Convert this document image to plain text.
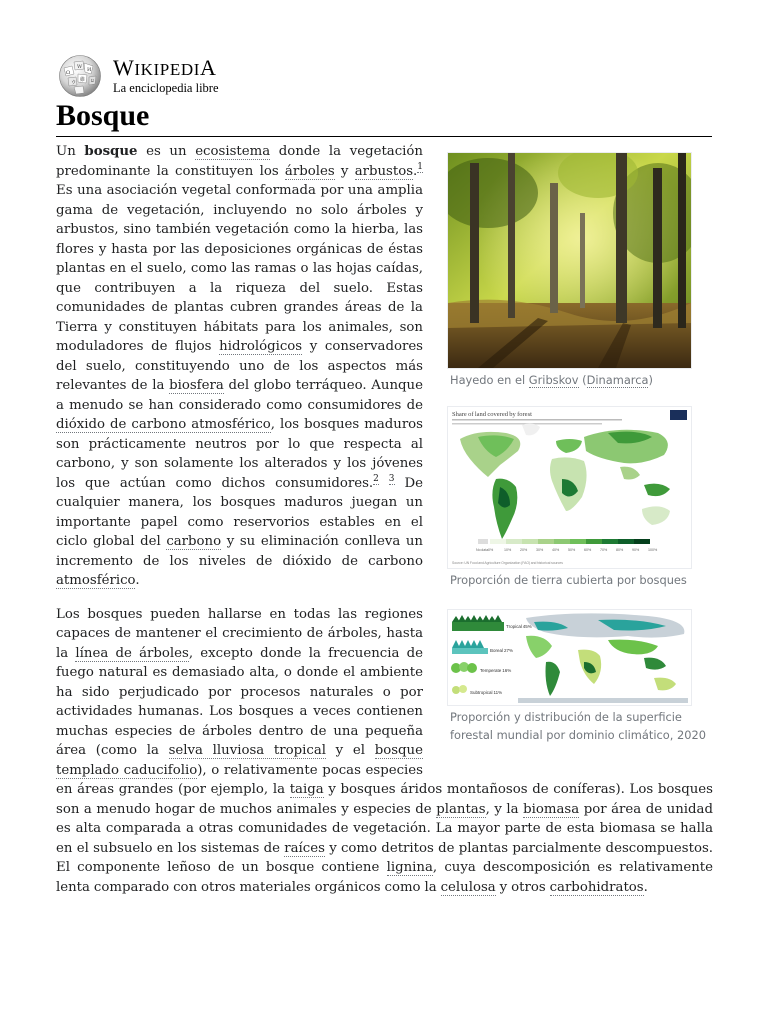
Ω
W И
ウ 維 ע
WIKIPEDIA
La enciclopedia libre
Bosque
Hayedo en el Gribskov (Dinamarca)
Share of land covered by forest
No data 0%	10% 20% 30% 40% 50% 60% 70% 80% 90% 100%
Source: UN Food and Agriculture Organization (FAO) and historical sources
Proporción de tierra cubierta por bosques
Tropical 45%
Boreal 27%
Temperate 16%
Subtropical 11%
Proporción y distribución de la superficie forestal mundial por dominio climático, 2020

Un bosque es un ecosistema donde la vegetación predominante la constituyen los árboles y arbustos.$^1$ Es una asociación vegetal conformada por una amplia gama de vegetación, incluyendo no solo árboles y arbustos, sino también vegetación como la hierba, las flores y hasta por las deposiciones orgánicas de éstas plantas en el suelo, como las ramas o las hojas caídas, que contribuyen a la riqueza del suelo. Estas comunidades de plantas cubren grandes áreas de la Tierra y constituyen hábitats para los animales, son moduladores de flujos hidrológicos y conservadores del suelo, constituyendo uno de los aspectos más relevantes de la biosfera del globo terráqueo. Aunque a menudo se han considerado como consumidores de dióxido de carbono atmosférico, los bosques maduros son prácticamente neutros por lo que respecta al carbono, y son solamente los alterados y los jóvenes los que actúan como dichos consumidores.$^2$ $^3$ De cualquier manera, los bosques maduros juegan un importante papel como reservorios estables en el ciclo global del carbono y su eliminación conlleva un incremento de los niveles de dióxido de carbono atmosférico.

Los bosques pueden hallarse en todas las regiones capaces de mantener el crecimiento de árboles, hasta la línea de árboles, excepto donde la frecuencia de fuego natural es demasiado alta, o donde el ambiente ha sido perjudicado por procesos naturales o por actividades humanas. Los bosques a veces contienen muchas especies de árboles dentro de una pequeña área (como la selva lluviosa tropical y el bosque templado caducifolio), o relativamente pocas especies en áreas grandes (por ejemplo, la taiga y bosques áridos montañosos de coníferas). Los bosques son a menudo hogar de muchos animales y especies de plantas, y la biomasa por área de unidad es alta comparada a otras comunidades de vegetación. La mayor parte de esta biomasa se halla en el subsuelo en los sistemas de raíces y como detritos de plantas parcialmente descompuestos. El componente leñoso de un bosque contiene lignina, cuya descomposición es relativamente lenta comparado con otros materiales orgánicos como la celulosa y otros carbohidratos.
